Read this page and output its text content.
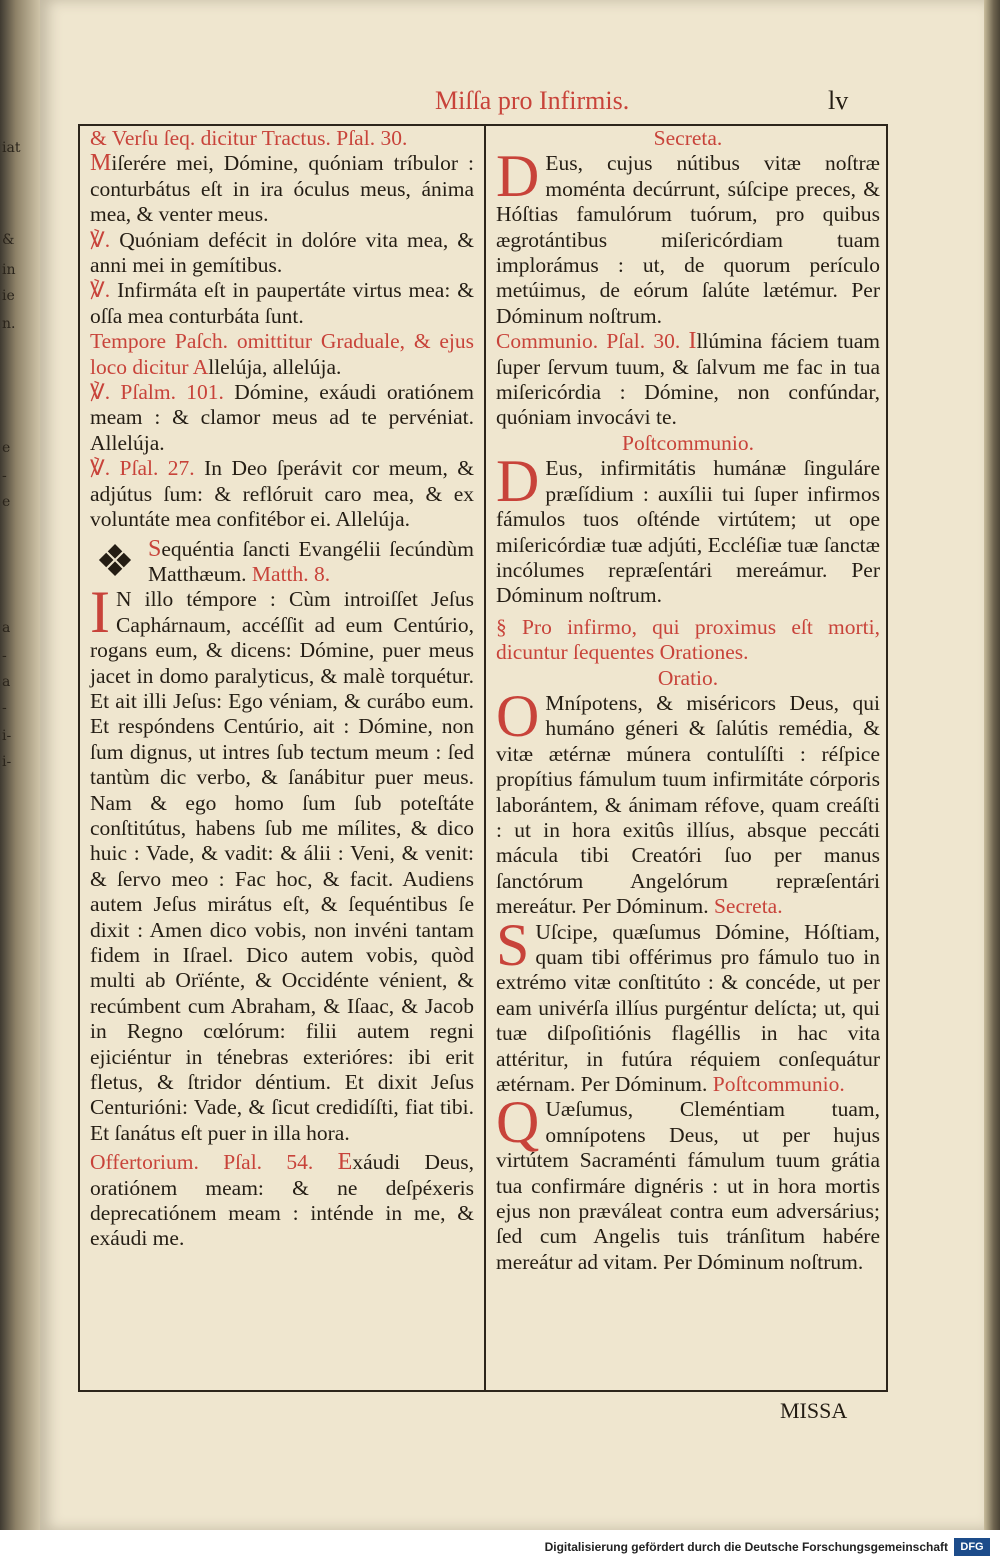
iat
&
in
ie
n.
e
-
e
a
-
a
-
i-
i-
Miſſa pro Infirmis.	lv

& Verſu ſeq. dicitur Tractus. Pſal. 30.

Miſerére mei, Dómine, quóniam tríbulor : conturbátus eſt in ira óculus meus, ánima mea, & venter meus.

℣. Quóniam defécit in dolóre vita mea, & anni mei in gemítibus.

℣. Infirmáta eſt in paupertáte virtus mea: & oſſa mea conturbáta ſunt.

Tempore Paſch. omittitur Graduale, & ejus loco dicitur Allelúja, allelúja.

℣. Pſalm. 101. Dómine, exáudi oratiónem meam : & clamor meus ad te pervéniat. Allelúja.

℣. Pſal. 27. In Deo ſperávit cor meum, & adjútus ſum: & reflóruit caro mea, & ex voluntáte mea confitébor ei. Allelúja.

❖ Sequéntia ſancti Evangélii ſecúndùm Matthæum. Matth. 8.

I N illo témpore : Cùm introiſſet Jeſus Caphárnaum, accéſſit ad eum Centúrio, rogans eum, & dicens: Dómine, puer meus jacet in domo paralyticus, & malè torquétur. Et ait illi Jeſus: Ego véniam, & curábo eum. Et respóndens Centúrio, ait : Dómine, non ſum dignus, ut intres ſub tectum meum : ſed tantùm dic verbo, & ſanábitur puer meus. Nam & ego homo ſum ſub poteſtáte conſtitútus, habens ſub me mílites, & dico huic : Vade, & vadit: & álii : Veni, & venit: & ſervo meo : Fac hoc, & facit. Audiens autem Jeſus mirátus eſt, & ſequéntibus ſe dixit : Amen dico vobis, non invéni tantam fidem in Iſrael. Dico autem vobis, quòd multi ab Orïénte, & Occidénte vénient, & recúmbent cum Abraham, & Iſaac, & Jacob in Regno cœlórum: filii autem regni ejiciéntur in ténebras exterióres: ibi erit fletus, & ſtridor déntium. Et dixit Jeſus Centurióni: Vade, & ſicut credidíſti, fiat tibi. Et ſanátus eſt puer in illa hora.

Offertorium. Pſal. 54. Exáudi Deus, oratiónem meam: & ne deſpéxeris deprecatiónem meam : inténde in me, & exáudi me.

Secreta.

D Eus, cujus nútibus vitæ noſtræ moménta decúrrunt, súſcipe preces, & Hóſtias famulórum tuórum, pro quibus ægrotántibus miſericórdiam tuam implorámus : ut, de quorum perículo metúimus, de eórum ſalúte lætémur. Per Dóminum noſtrum.

Communio. Pſal. 30. Illúmina fáciem tuam ſuper ſervum tuum, & ſalvum me fac in tua miſericórdia : Dómine, non confúndar, quóniam invocávi te.

Poſtcommunio.

D Eus, infirmitátis humánæ ſinguláre præſídium : auxílii tui ſuper infirmos fámulos tuos oſténde virtútem; ut ope miſericórdiæ tuæ adjúti, Eccléſiæ tuæ ſanctæ incólumes repræſentári mereámur. Per Dóminum noſtrum.

§ Pro infirmo, qui proximus eſt morti, dicuntur ſequentes Orationes.

Oratio.

O Mnípotens, & miséricors Deus, qui humáno géneri & ſalútis remédia, & vitæ ætérnæ múnera contulíſti : réſpice propítius fámulum tuum infirmitáte córporis laborántem, & ánimam réfove, quam creáſti : ut in hora exitûs illíus, absque peccáti mácula tibi Creatóri ſuo per manus ſanctórum Angelórum repræſentári mereátur. Per Dóminum. Secreta.

S Uſcipe, quæſumus Dómine, Hóſtiam, quam tibi offérimus pro fámulo tuo in extrémo vitæ conſtitúto : & concéde, ut per eam univérſa illíus purgéntur delícta; ut, qui tuæ diſpoſitiónis flagéllis in hac vita attéritur, in futúra réquiem conſequátur ætérnam. Per Dóminum. Poſtcommunio.

Q Uæſumus, Cleméntiam tuam, omnípotens Deus, ut per hujus virtútem Sacraménti fámulum tuum grátia tua confirmáre dignéris : ut in hora mortis ejus non præváleat contra eum adversárius; ſed cum Angelis tuis tránſitum habére mereátur ad vitam. Per Dóminum noſtrum.

MISSA
Digitalisierung gefördert durch die Deutsche Forschungsgemeinschaft	DFG
